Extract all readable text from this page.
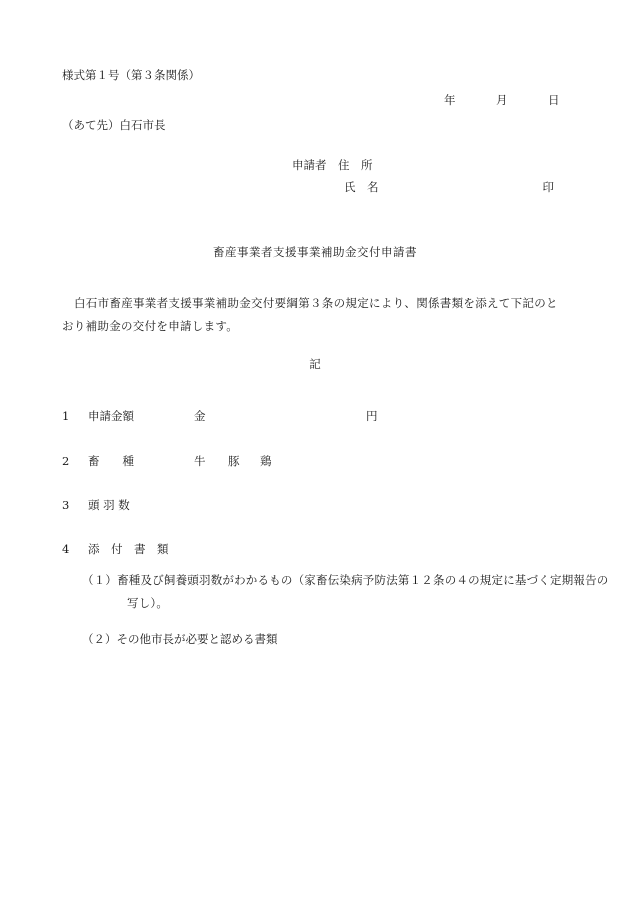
様式第１号（第３条関係）
年	月	日
（あて先）白石市長
申請者　住　所
氏　名	印
畜産事業者支援事業補助金交付申請書
白石市畜産事業者支援事業補助金交付要綱第３条の規定により、関係書類を添えて下記のとおり補助金の交付を申請します。
記
1 申請金額	金	円
2 畜　　種	牛 豚 鶏
3 頭 羽 数
4 添　付　書　類
（１）畜種及び飼養頭羽数がわかるもの（家畜伝染病予防法第１２条の４の規定に基づく定期報告の写し）。
（２）その他市長が必要と認める書類
